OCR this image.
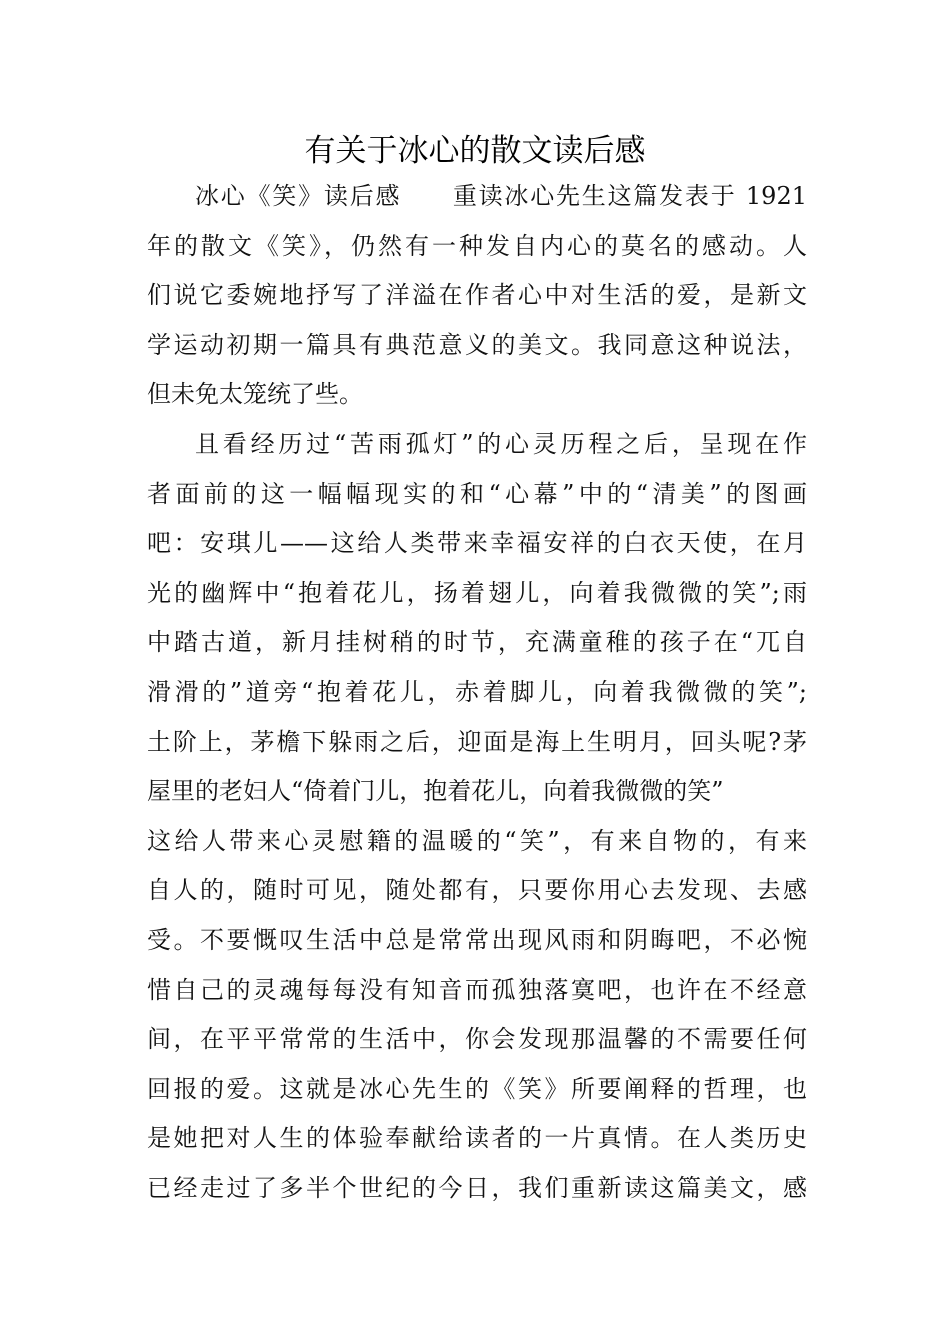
有关于冰心的散文读后感
冰心《笑》读后感　　重读冰心先生这篇发表于 1921
年的散文《笑》，仍然有一种发自内心的莫名的感动。人
们说它委婉地抒写了洋溢在作者心中对生活的爱，是新文
学运动初期一篇具有典范意义的美文。我同意这种说法，
但未免太笼统了些。
且看经历过“苦雨孤灯”的心灵历程之后，呈现在作
者面前的这一幅幅现实的和“心幕”中的“清美”的图画
吧：安琪儿——这给人类带来幸福安祥的白衣天使，在月
光的幽辉中“抱着花儿，扬着翅儿，向着我微微的笑”;雨
中踏古道，新月挂树稍的时节，充满童稚的孩子在“兀自
滑滑的”道旁“抱着花儿，赤着脚儿，向着我微微的笑”;
土阶上，茅檐下躲雨之后，迎面是海上生明月，回头呢?茅
屋里的老妇人“倚着门儿，抱着花儿，向着我微微的笑”
这给人带来心灵慰籍的温暖的“笑”，有来自物的，有来
自人的，随时可见，随处都有，只要你用心去发现、去感
受。不要慨叹生活中总是常常出现风雨和阴晦吧，不必惋
惜自己的灵魂每每没有知音而孤独落寞吧，也许在不经意
间，在平平常常的生活中，你会发现那温馨的不需要任何
回报的爱。这就是冰心先生的《笑》所要阐释的哲理，也
是她把对人生的体验奉献给读者的一片真情。在人类历史
已经走过了多半个世纪的今日，我们重新读这篇美文，感
